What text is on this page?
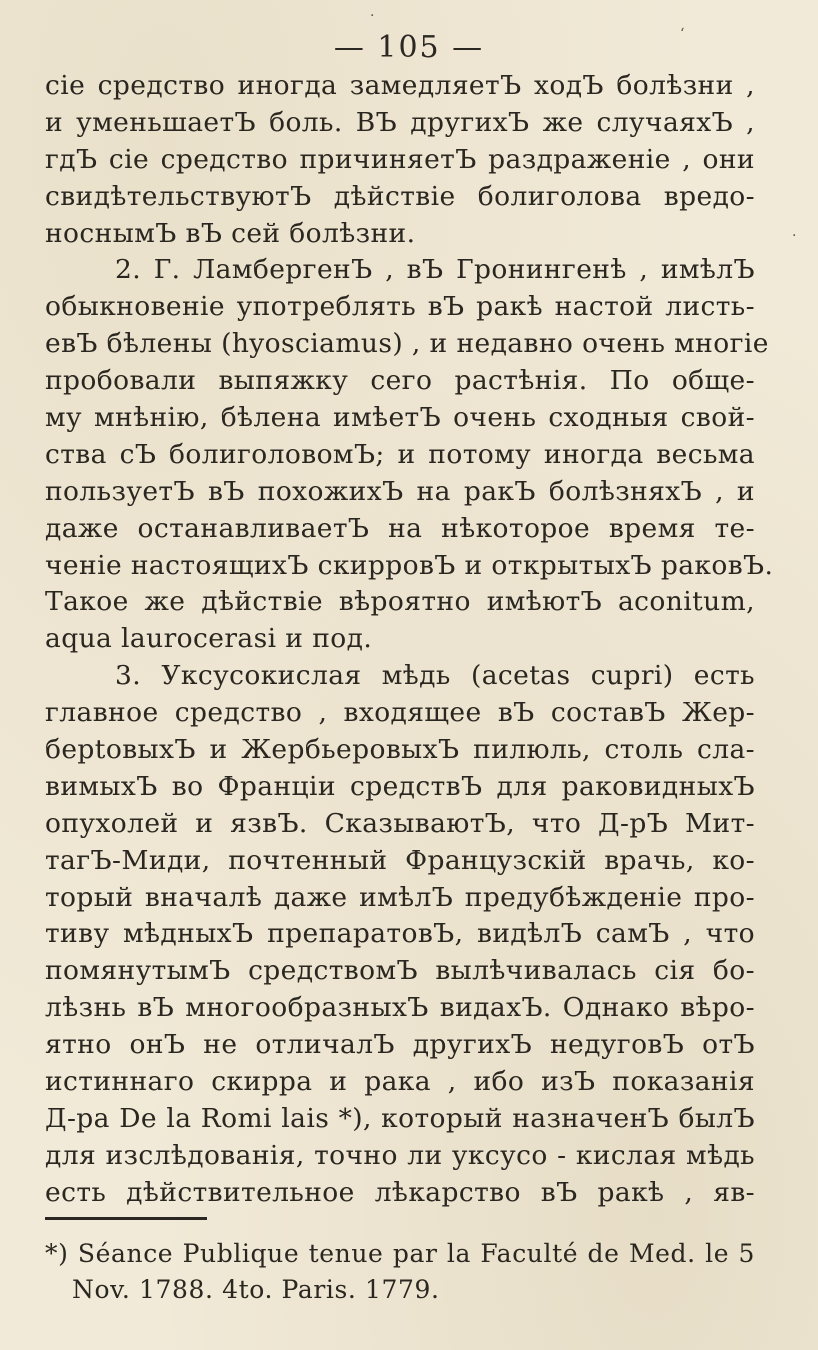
— 105 —
сіе средство иногда замедляетЪ ходЪ болѣзни ,
и уменьшаетЪ боль. ВЪ другихЪ же случаяхЪ ,
гдЪ сіе средство причиняетЪ раздраженіе , они
свидѣтельствуютЪ дѣйствіе болиголова вредо-
носнымЪ вЪ сей болѣзни.
2. Г. ЛамбергенЪ , вЪ Гронингенѣ , имѣлЪ
обыкновеніе употреблять вЪ ракѣ настой листь-
евЪ бѣлены (hyosciamus) , и недавно очень многіе
пробовали выпяжку сего растѣнія. По обще-
му мнѣнію, бѣлена имѣетЪ очень сходныя свой-
ства сЪ болиголовомЪ; и потому иногда весьма
пользуетЪ вЪ похожихЪ на ракЪ болѣзняхЪ , и
даже останавливаетЪ на нѣкоторое время те-
ченіе настоящихЪ скирровЪ и открытыхЪ раковЪ.
Такое же дѣйствіе вѣроятно имѣютЪ aconitum,
aqua laurocerasi и под.
3. Уксусокислая мѣдь (acetas cupri) есть
главное средство , входящее вЪ составЪ Жер-
берtовыхЪ и ЖербьеровыхЪ пилюль, столь сла-
вимыхЪ во Франціи средствЪ для раковидныхЪ
опухолей и язвЪ. СказываютЪ, что Д-рЪ Мит-
тагЪ-Миди, почтенный Французскій врачь, ко-
торый вначалѣ даже имѣлЪ предубѣжденіе про-
тиву мѣдныхЪ препаратовЪ, видѣлЪ самЪ , что
помянутымЪ средствомЪ вылѣчивалась сія бо-
лѣзнь вЪ многообразныхЪ видахЪ. Однако вѣро-
ятно онЪ не отличалЪ другихЪ недуговЪ отЪ
истиннаго скирра и рака , ибо изЪ показанія
Д-ра De la Romi lais *), который назначенЪ былЪ
для изслѣдованія, точно ли уксусо - кислая мѣдь
есть дѣйствительное лѣкарство вЪ ракѣ , яв-
*) Séance Publique tenue par la Faculté de Med. le 5
Nov. 1788. 4to. Paris. 1779.
·
ʻ
·
